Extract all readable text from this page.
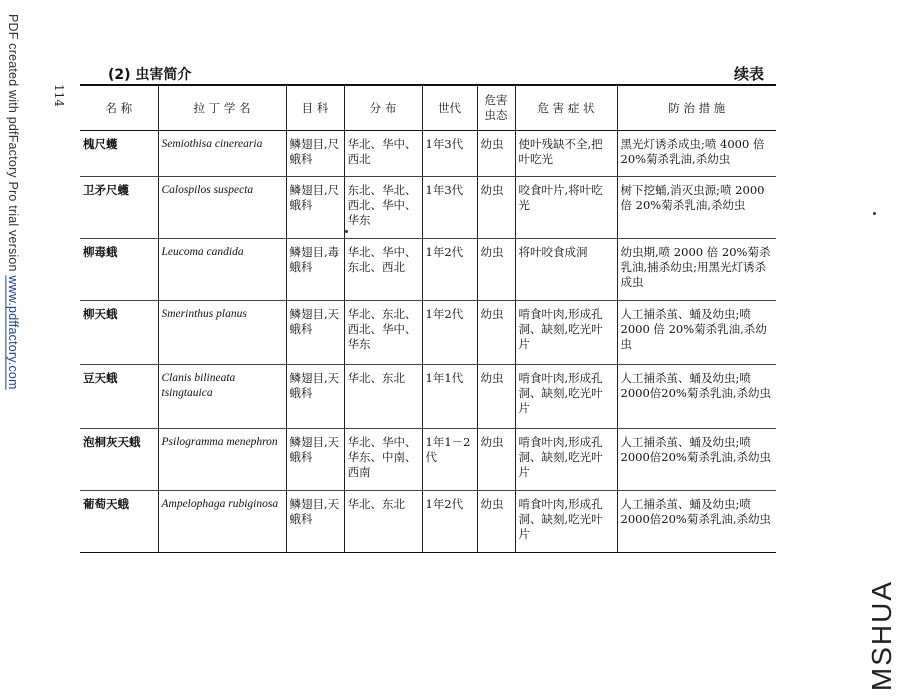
PDF created with pdfFactory Pro trial version www.pdffactory.com
114
(2) 虫害简介	续表
名 称	拉 丁 学 名	目 科	分 布	世代	危害虫态	危 害 症 状	防 治 措 施
槐尺蠖	Semiothisa cinerearia	鳞翅目,尺蛾科	华北、华中、西北	1年3代	幼虫	使叶残缺不全,把叶吃光	黑光灯诱杀成虫;喷 4000 倍 20%菊杀乳油,杀幼虫
卫矛尺蠖	Calospilos suspecta	鳞翅目,尺蛾科	东北、华北、西北、华中、华东	1年3代	幼虫	咬食叶片,将叶吃光	树下挖蛹,消灭虫源;喷 2000 倍 20%菊杀乳油,杀幼虫
柳毒蛾	Leucoma candida	鳞翅目,毒蛾科	华北、华中、东北、西北	1年2代	幼虫	将叶咬食成洞	幼虫期,喷 2000 倍 20%菊杀乳油,捕杀幼虫;用黑光灯诱杀成虫
柳天蛾	Smerinthus planus	鳞翅目,天蛾科	华北、东北、西北、华中、华东	1年2代	幼虫	啃食叶肉,形成孔洞、缺刻,吃光叶片	人工捕杀茧、蛹及幼虫;喷 2000 倍 20%菊杀乳油,杀幼虫
豆天蛾	Clanis bilineata tsingtauica	鳞翅目,天蛾科	华北、东北	1年1代	幼虫	啃食叶肉,形成孔洞、缺刻,吃光叶片	人工捕杀茧、蛹及幼虫;喷 2000倍20%菊杀乳油,杀幼虫
泡桐灰天蛾	Psilogramma menephron	鳞翅目,天蛾科	华北、华中、华东、中南、西南	1年1－2代	幼虫	啃食叶肉,形成孔洞、缺刻,吃光叶片	人工捕杀茧、蛹及幼虫;喷 2000倍20%菊杀乳油,杀幼虫
葡萄天蛾	Ampelophaga rubiginosa	鳞翅目,天蛾科	华北、东北	1年2代	幼虫	啃食叶肉,形成孔洞、缺刻,吃光叶片	人工捕杀茧、蛹及幼虫;喷 2000倍20%菊杀乳油,杀幼虫
MSHUA
